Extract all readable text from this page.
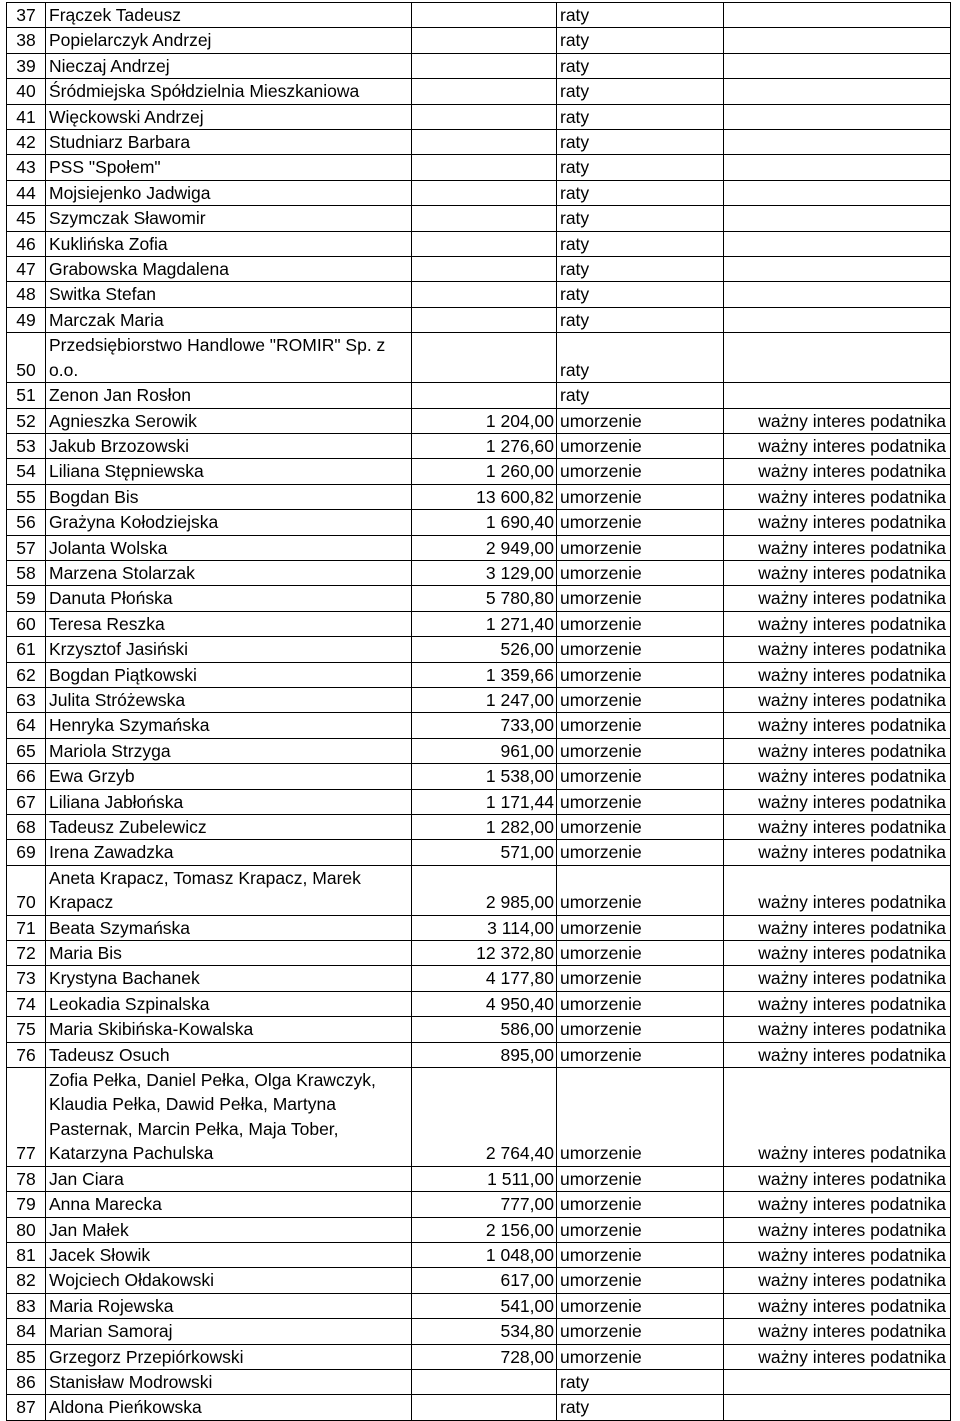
37	Frączek Tadeusz		raty	
38	Popielarczyk Andrzej		raty	
39	Nieczaj Andrzej		raty	
40	Śródmiejska Spółdzielnia Mieszkaniowa		raty	
41	Więckowski Andrzej		raty	
42	Studniarz Barbara		raty	
43	PSS "Społem"		raty	
44	Mojsiejenko Jadwiga		raty	
45	Szymczak Sławomir		raty	
46	Kuklińska Zofia		raty	
47	Grabowska Magdalena		raty	
48	Switka Stefan		raty	
49	Marczak Maria		raty	
50	Przedsiębiorstwo Handlowe "ROMIR" Sp. z o.o.		raty	
51	Zenon Jan Rosłon		raty	
52	Agnieszka Serowik	1 204,00	umorzenie	ważny interes podatnika
53	Jakub Brzozowski	1 276,60	umorzenie	ważny interes podatnika
54	Liliana Stępniewska	1 260,00	umorzenie	ważny interes podatnika
55	Bogdan Bis	13 600,82	umorzenie	ważny interes podatnika
56	Grażyna Kołodziejska	1 690,40	umorzenie	ważny interes podatnika
57	Jolanta Wolska	2 949,00	umorzenie	ważny interes podatnika
58	Marzena Stolarzak	3 129,00	umorzenie	ważny interes podatnika
59	Danuta Płońska	5 780,80	umorzenie	ważny interes podatnika
60	Teresa Reszka	1 271,40	umorzenie	ważny interes podatnika
61	Krzysztof Jasiński	526,00	umorzenie	ważny interes podatnika
62	Bogdan Piątkowski	1 359,66	umorzenie	ważny interes podatnika
63	Julita Stróżewska	1 247,00	umorzenie	ważny interes podatnika
64	Henryka Szymańska	733,00	umorzenie	ważny interes podatnika
65	Mariola Strzyga	961,00	umorzenie	ważny interes podatnika
66	Ewa Grzyb	1 538,00	umorzenie	ważny interes podatnika
67	Liliana Jabłońska	1 171,44	umorzenie	ważny interes podatnika
68	Tadeusz Zubelewicz	1 282,00	umorzenie	ważny interes podatnika
69	Irena Zawadzka	571,00	umorzenie	ważny interes podatnika
70	Aneta Krapacz, Tomasz Krapacz, Marek Krapacz	2 985,00	umorzenie	ważny interes podatnika
71	Beata Szymańska	3 114,00	umorzenie	ważny interes podatnika
72	Maria Bis	12 372,80	umorzenie	ważny interes podatnika
73	Krystyna Bachanek	4 177,80	umorzenie	ważny interes podatnika
74	Leokadia Szpinalska	4 950,40	umorzenie	ważny interes podatnika
75	Maria Skibińska-Kowalska	586,00	umorzenie	ważny interes podatnika
76	Tadeusz Osuch	895,00	umorzenie	ważny interes podatnika
77	Zofia Pełka, Daniel Pełka, Olga Krawczyk, Klaudia Pełka, Dawid Pełka, Martyna Pasternak, Marcin Pełka, Maja Tober, Katarzyna Pachulska	2 764,40	umorzenie	ważny interes podatnika
78	Jan Ciara	1 511,00	umorzenie	ważny interes podatnika
79	Anna Marecka	777,00	umorzenie	ważny interes podatnika
80	Jan Małek	2 156,00	umorzenie	ważny interes podatnika
81	Jacek Słowik	1 048,00	umorzenie	ważny interes podatnika
82	Wojciech Ołdakowski	617,00	umorzenie	ważny interes podatnika
83	Maria Rojewska	541,00	umorzenie	ważny interes podatnika
84	Marian Samoraj	534,80	umorzenie	ważny interes podatnika
85	Grzegorz Przepiórkowski	728,00	umorzenie	ważny interes podatnika
86	Stanisław Modrowski		raty	
87	Aldona Pieńkowska		raty	
